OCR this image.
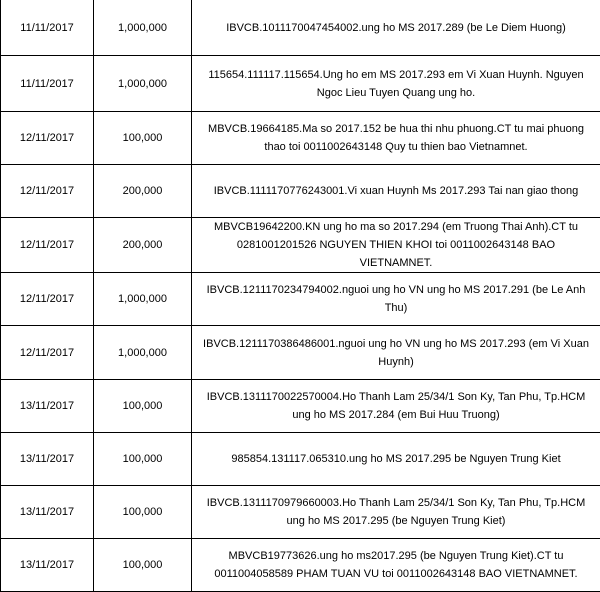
11/11/2017	1,000,000	IBVCB.1011170047454002.ung ho MS 2017.289 (be Le Diem Huong)
11/11/2017	1,000,000	115654.111117.115654.Ung ho em MS 2017.293 em Vi Xuan Huynh. Nguyen Ngoc Lieu Tuyen Quang ung ho.
12/11/2017	100,000	MBVCB.19664185.Ma so 2017.152 be hua thi nhu phuong.CT tu mai phuong thao toi 0011002643148 Quy tu thien bao Vietnamnet.
12/11/2017	200,000	IBVCB.1111170776243001.Vi xuan Huynh Ms 2017.293 Tai nan giao thong
12/11/2017	200,000	MBVCB19642200.KN ung ho ma so 2017.294 (em Truong Thai Anh).CT tu 0281001201526 NGUYEN THIEN KHOI toi 0011002643148 BAO VIETNAMNET.
12/11/2017	1,000,000	IBVCB.1211170234794002.nguoi ung ho VN ung ho MS 2017.291 (be Le Anh Thu)
12/11/2017	1,000,000	IBVCB.1211170386486001.nguoi ung ho VN ung ho MS 2017.293 (em Vi Xuan Huynh)
13/11/2017	100,000	IBVCB.1311170022570004.Ho Thanh Lam 25/34/1 Son Ky, Tan Phu, Tp.HCM ung ho MS 2017.284 (em Bui Huu Truong)
13/11/2017	100,000	985854.131117.065310.ung ho MS 2017.295 be Nguyen Trung Kiet
13/11/2017	100,000	IBVCB.1311170979660003.Ho Thanh Lam 25/34/1 Son Ky, Tan Phu, Tp.HCM ung ho MS 2017.295 (be Nguyen Trung Kiet)
13/11/2017	100,000	MBVCB19773626.ung ho ms2017.295 (be Nguyen Trung Kiet).CT tu 0011004058589 PHAM TUAN VU toi 0011002643148 BAO VIETNAMNET.
